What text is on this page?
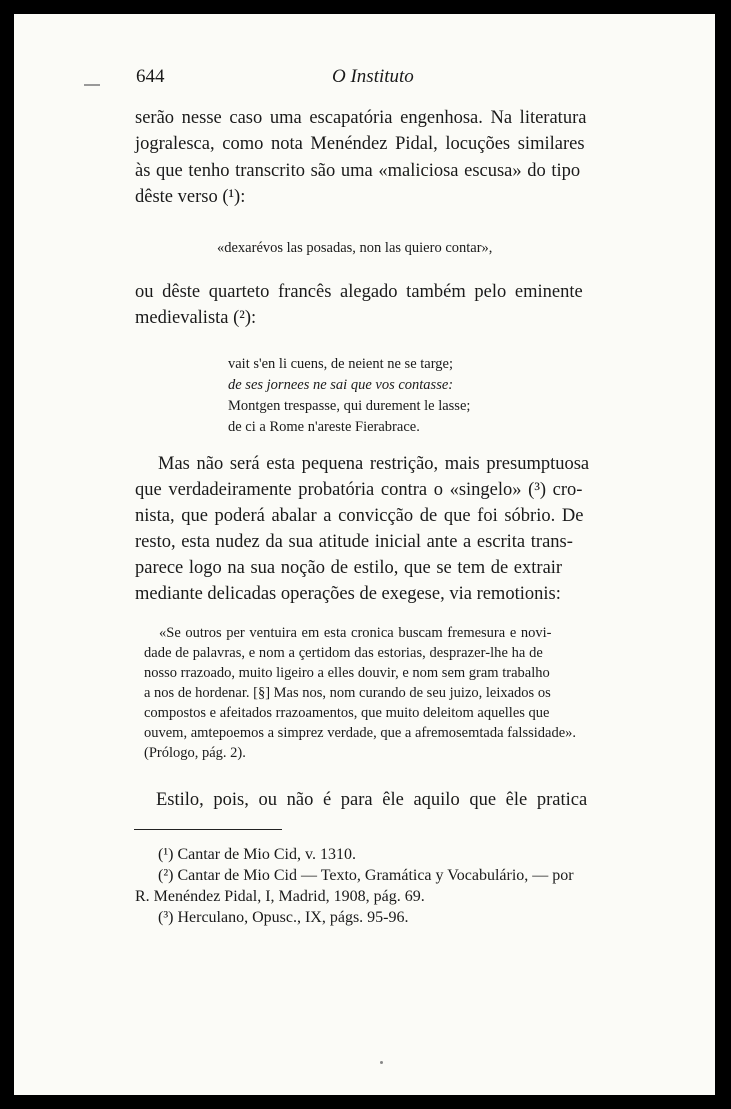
644	O Instituto
serão nesse caso uma escapatória engenhosa. Na literatura
jogralesca, como nota Menéndez Pidal, locuções similares
às que tenho transcrito são uma «maliciosa escusa» do tipo
dêste verso (¹):
«dexarévos las posadas, non las quiero contar»,
ou dêste quarteto francês alegado também pelo eminente
medievalista (²):
vait s'en li cuens, de neient ne se targe;
de ses jornees ne sai que vos contasse:
Montgen trespasse, qui durement le lasse;
de ci a Rome n'areste Fierabrace.
Mas não será esta pequena restrição, mais presumptuosa
que verdadeiramente probatória contra o «singelo» (³) cro-
nista, que poderá abalar a convicção de que foi sóbrio. De
resto, esta nudez da sua atitude inicial ante a escrita trans-
parece logo na sua noção de estilo, que se tem de extrair
mediante delicadas operações de exegese, via remotionis:
«Se outros per ventuira em esta cronica buscam fremesura e novi-
dade de palavras, e nom a çertidom das estorias, desprazer-lhe ha de
nosso rrazoado, muito ligeiro a elles douvir, e nom sem gram trabalho
a nos de hordenar. [§] Mas nos, nom curando de seu juizo, leixados os
compostos e afeitados rrazoamentos, que muito deleitom aquelles que
ouvem, amtepoemos a simprez verdade, que a afremosemtada falssidade».
(Prólogo, pág. 2).
Estilo, pois, ou não é para êle aquilo que êle pratica
(¹) Cantar de Mio Cid, v. 1310.
(²) Cantar de Mio Cid — Texto, Gramática y Vocabulário, — por
R. Menéndez Pidal, I, Madrid, 1908, pág. 69.
(³) Herculano, Opusc., IX, págs. 95-96.
